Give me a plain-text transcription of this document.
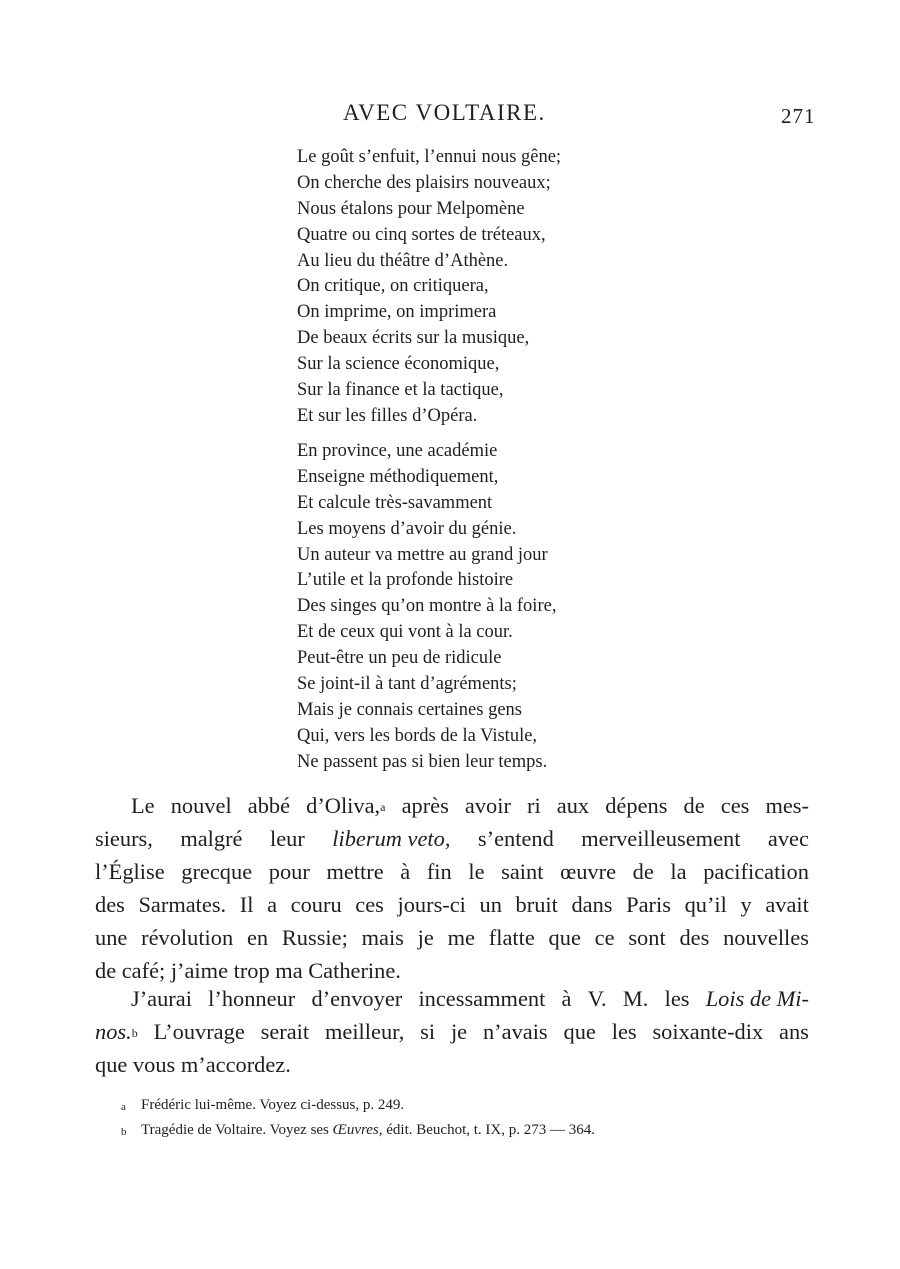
AVEC VOLTAIRE.	271
Le goût s’enfuit, l’ennui nous gêne;
On cherche des plaisirs nouveaux;
Nous étalons pour Melpomène
Quatre ou cinq sortes de tréteaux,
Au lieu du théâtre d’Athène.
On critique, on critiquera,
On imprime, on imprimera
De beaux écrits sur la musique,
Sur la science économique,
Sur la finance et la tactique,
Et sur les filles d’Opéra.
En province, une académie
Enseigne méthodiquement,
Et calcule très-savamment
Les moyens d’avoir du génie.
Un auteur va mettre au grand jour
L’utile et la profonde histoire
Des singes qu’on montre à la foire,
Et de ceux qui vont à la cour.
Peut-être un peu de ridicule
Se joint-il à tant d’agréments;
Mais je connais certaines gens
Qui, vers les bords de la Vistule,
Ne passent pas si bien leur temps.
Le nouvel abbé d’Oliva,$^a$ après avoir ri aux dépens de ces mes-
sieurs, malgré leur liberum veto, s’entend merveilleusement avec
l’Église grecque pour mettre à fin le saint œuvre de la pacification
des Sarmates. Il a couru ces jours-ci un bruit dans Paris qu’il y avait
une révolution en Russie; mais je me flatte que ce sont des nouvelles
de café; j’aime trop ma Catherine.
J’aurai l’honneur d’envoyer incessamment à V. M. les Lois de Mi-
nos.$^b$ L’ouvrage serait meilleur, si je n’avais que les soixante-dix ans
que vous m’accordez.
a Frédéric lui-même. Voyez ci-dessus, p. 249.
b Tragédie de Voltaire. Voyez ses Œuvres, édit. Beuchot, t. IX, p. 273 — 364.
